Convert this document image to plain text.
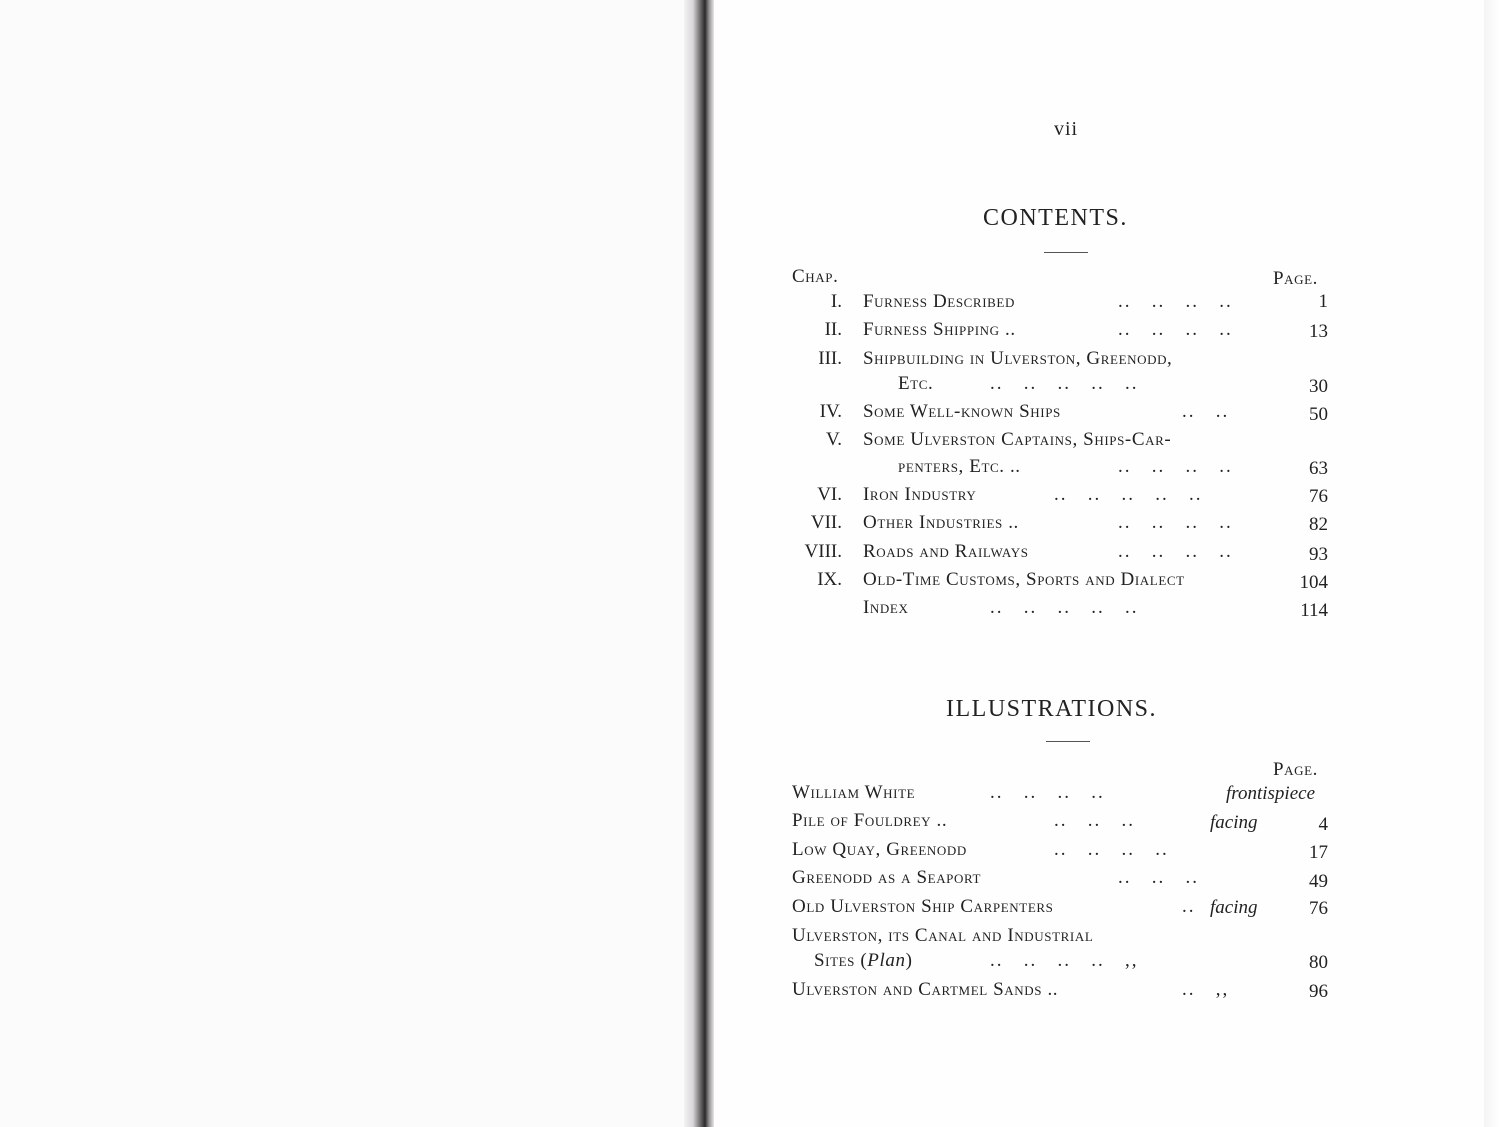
vii
CONTENTS.
Chap.	Page.
I. Furness Described	..   ..   ..   ..	1
II. Furness Shipping ..	..   ..   ..   ..	13
III. Shipbuilding in Ulverston, Greenodd,
Etc.	..   ..   ..   ..   ..	30
IV. Some Well-known Ships	..   ..	50
V. Some Ulverston Captains, Ships-Car-
penters, Etc. ..	..   ..   ..   ..	63
VI. Iron Industry	..   ..   ..   ..   ..	76
VII. Other Industries ..	..   ..   ..   ..	82
VIII. Roads and Railways	..   ..   ..   ..	93
IX. Old-Time Customs, Sports and Dialect	104
Index	..   ..   ..   ..   ..	114
ILLUSTRATIONS.
Page.
William White	..   ..   ..   ..	frontispiece
Pile of Fouldrey ..	..   ..   ..	facing	4
Low Quay, Greenodd	..   ..   ..   ..	17
Greenodd as a Seaport	..   ..   ..	49
Old Ulverston Ship Carpenters	.. facing	76
Ulverston, its Canal and Industrial
Sites (Plan)	..   ..   ..   ..   ,,	80
Ulverston and Cartmel Sands ..	..   ,,	96
